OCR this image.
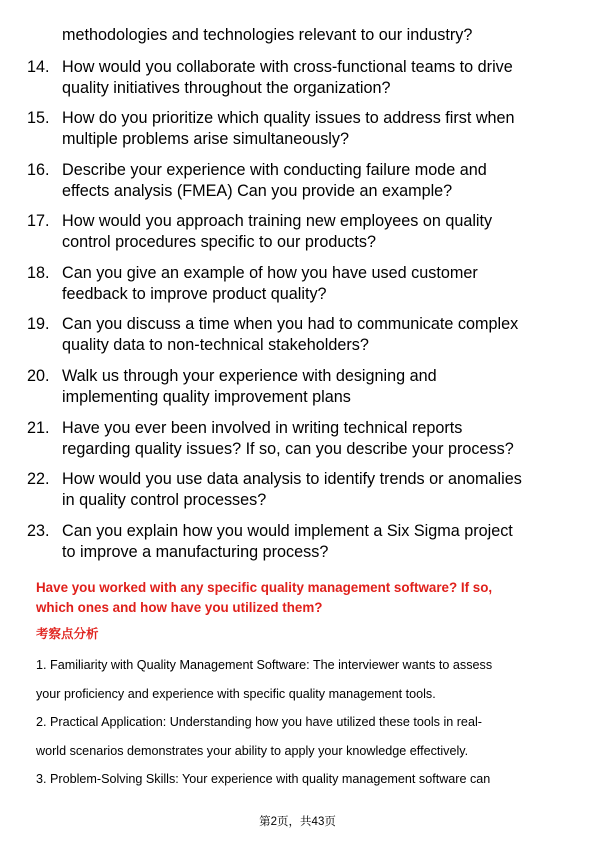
methodologies and technologies relevant to our industry?
14. How would you collaborate with cross-functional teams to drive
quality initiatives throughout the organization?
15. How do you prioritize which quality issues to address first when
multiple problems arise simultaneously?
16. Describe your experience with conducting failure mode and
effects analysis (FMEA) Can you provide an example?
17. How would you approach training new employees on quality
control procedures specific to our products?
18. Can you give an example of how you have used customer
feedback to improve product quality?
19. Can you discuss a time when you had to communicate complex
quality data to non-technical stakeholders?
20. Walk us through your experience with designing and
implementing quality improvement plans
21. Have you ever been involved in writing technical reports
regarding quality issues? If so, can you describe your process?
22. How would you use data analysis to identify trends or anomalies
in quality control processes?
23. Can you explain how you would implement a Six Sigma project
to improve a manufacturing process?
Have you worked with any specific quality management software? If so,
which ones and how have you utilized them?
考察点分析
1. Familiarity with Quality Management Software: The interviewer wants to assess
your proficiency and experience with specific quality management tools.
2. Practical Application: Understanding how you have utilized these tools in real-
world scenarios demonstrates your ability to apply your knowledge effectively.
3. Problem-Solving Skills: Your experience with quality management software can
第2页，共43页
